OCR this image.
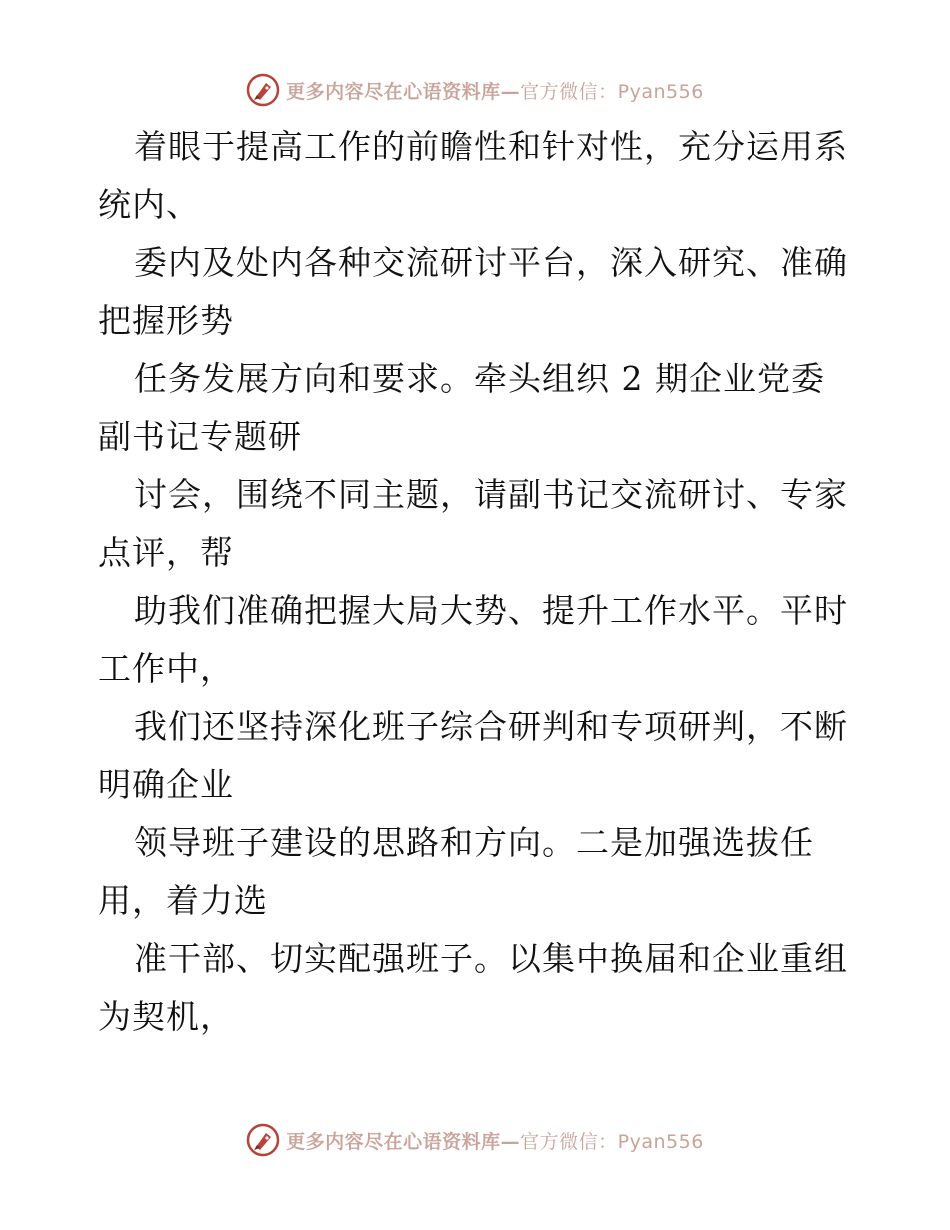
更多内容尽在心语资料库—官方微信：Pyan556
着眼于提高工作的前瞻性和针对性，充分运用系
统内、
委内及处内各种交流研讨平台，深入研究、准确
把握形势
任务发展方向和要求。牵头组织 2 期企业党委
副书记专题研
讨会，围绕不同主题，请副书记交流研讨、专家
点评，帮
助我们准确把握大局大势、提升工作水平。平时
工作中，
我们还坚持深化班子综合研判和专项研判，不断
明确企业
领导班子建设的思路和方向。二是加强选拔任
用，着力选
准干部、切实配强班子。以集中换届和企业重组
为契机，
更多内容尽在心语资料库—官方微信：Pyan556
